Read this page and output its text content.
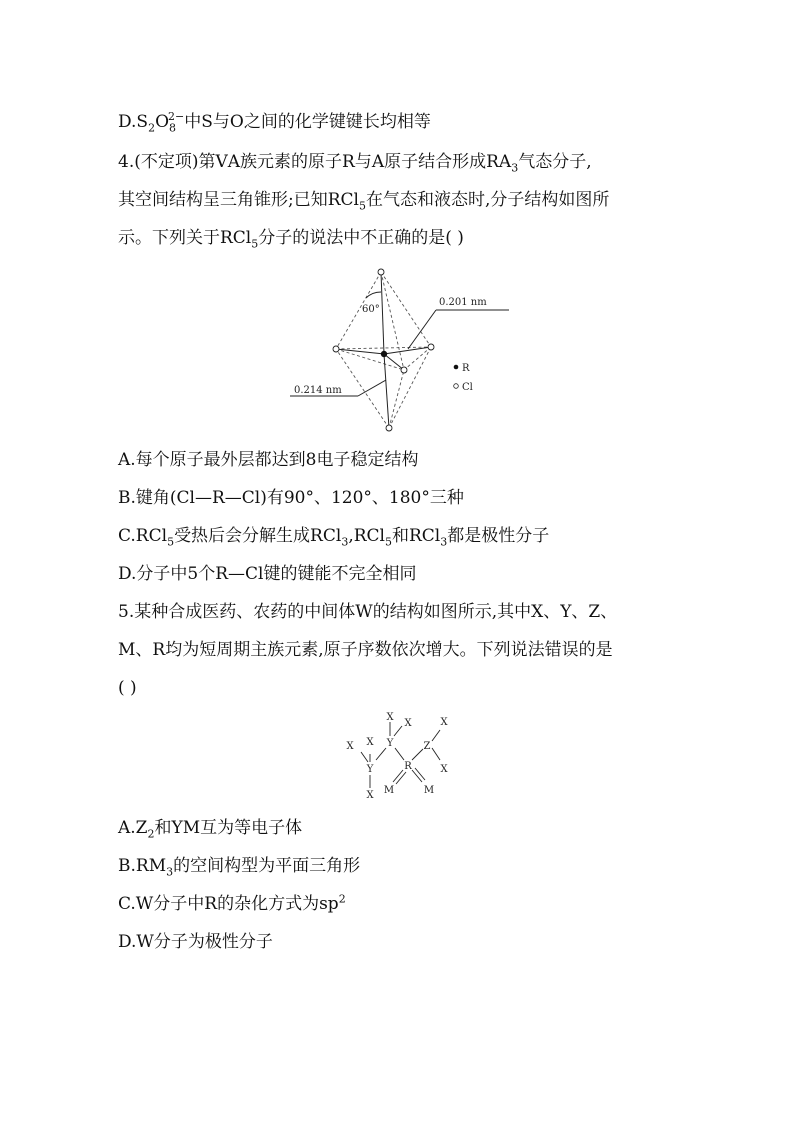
$D.S_2O_8^{2-}$中S与O之间的化学键键长均相等
4.(不定项)第ⅤA族元素的原子R与A原子结合形成$RA_3$气态分子,
其空间结构呈三角锥形;已知RCl$_5$在气态和液态时,分子结构如图所
示。下列关于RCl$_5$分子的说法中不正确的是( )
60°
0.201 nm
0.214 nm
R
Cl
A.每个原子最外层都达到8电子稳定结构
B.键角(Cl—R—Cl)有90°、120°、180°三种
C.RCl$_5$受热后会分解生成RCl$_3$,RCl$_5$和RCl$_3$都是极性分子
D.分子中5个R—Cl键的键能不完全相同
5.某种合成医药、农药的中间体W的结构如图所示,其中X、Y、Z、
M、R均为短周期主族元素,原子序数依次增大。下列说法错误的是
( )
X
X
X Y
X	Z
X
X
Y	R
X M	M
$A.Z_2$和YM互为等电子体
$B.RM_3$的空间构型为平面三角形
C.W分子中R的杂化方式为$sp^2$
D.W分子为极性分子
